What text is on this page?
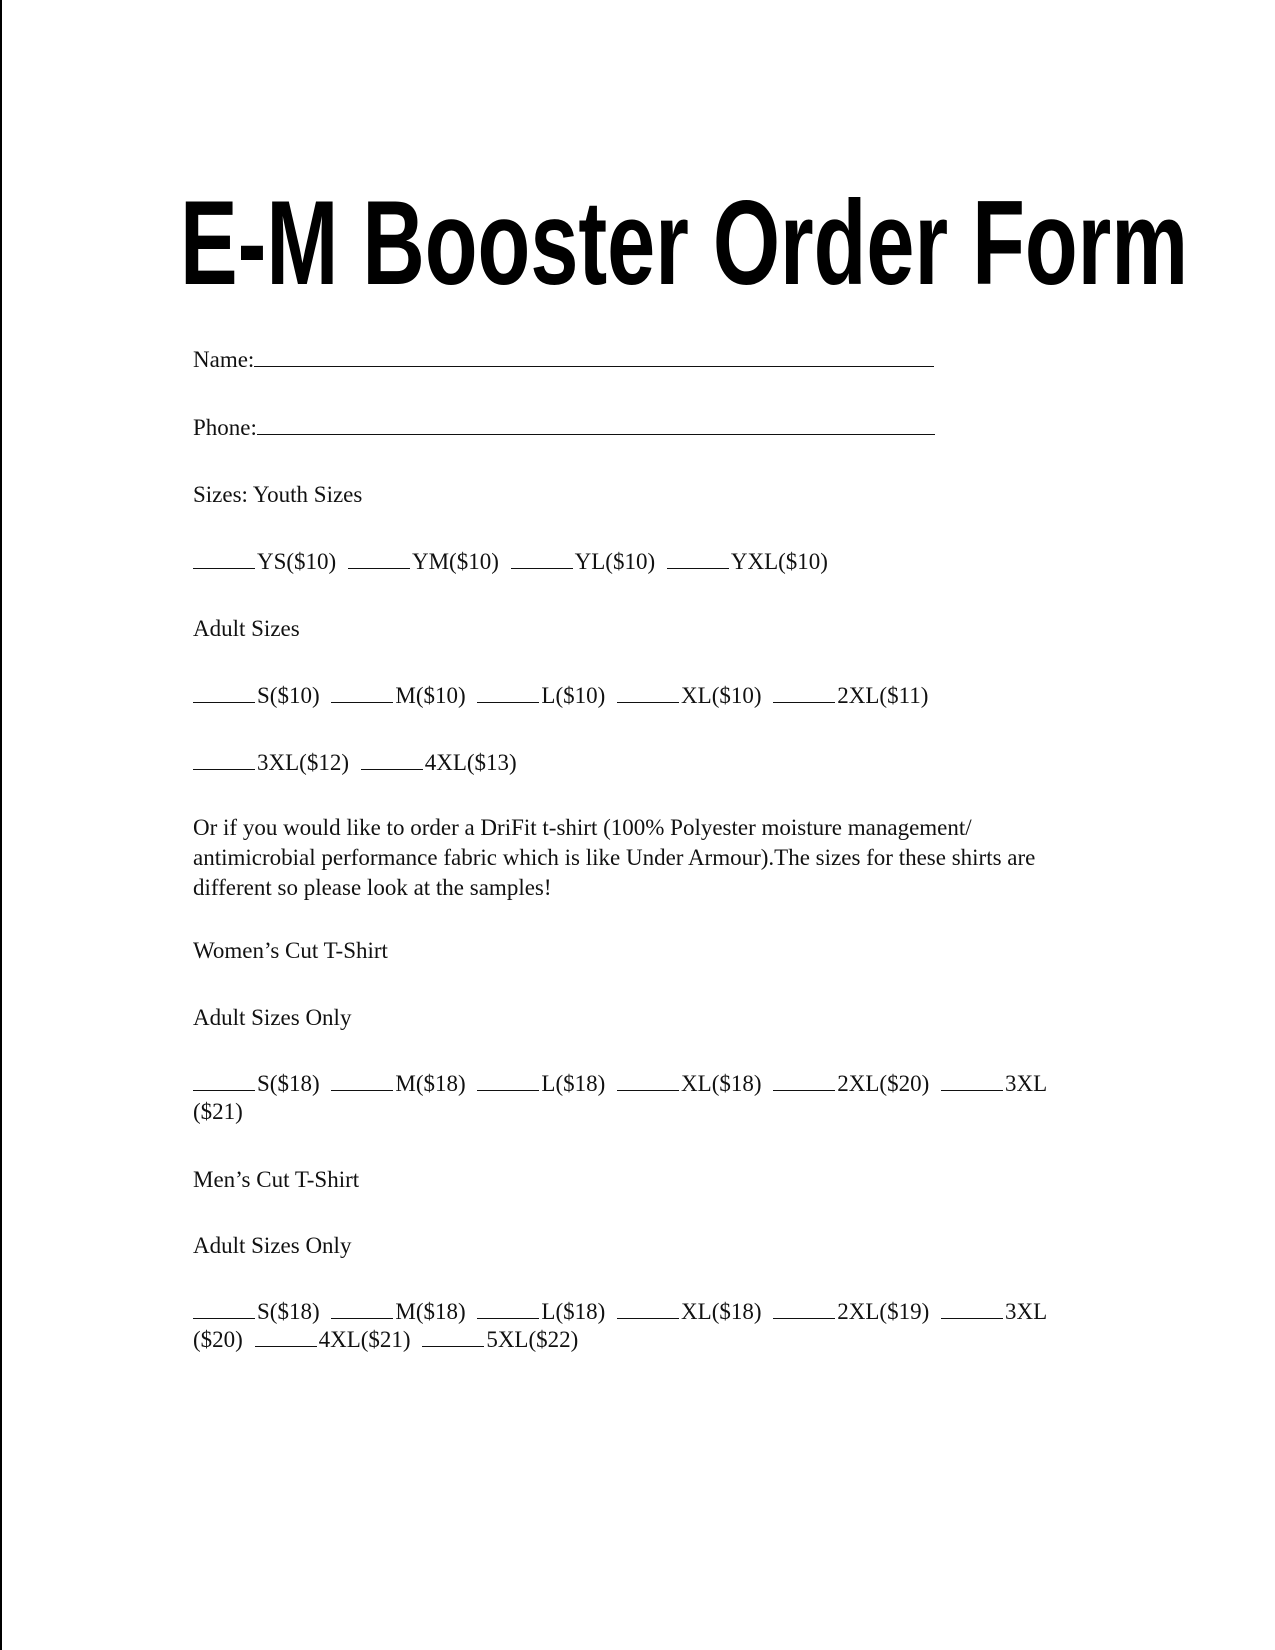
E-M Booster Order Form
Name:
Phone:
Sizes: Youth Sizes
YS($10)	YM($10)	YL($10)	YXL($10)
Adult Sizes
S($10)	M($10)	L($10)	XL($10)	2XL($11)
3XL($12)	4XL($13)
Or if you would like to order a DriFit t-shirt (100% Polyester moisture management/ antimicrobial performance fabric which is like Under Armour).The sizes for these shirts are different so please look at the samples!
Women’s Cut T-Shirt
Adult Sizes Only
S($18)	M($18)	L($18)	XL($18)	2XL($20)	3XL
($21)
Men’s Cut T-Shirt
Adult Sizes Only
S($18)	M($18)	L($18)	XL($18)	2XL($19)	3XL
($20)	4XL($21)	5XL($22)
